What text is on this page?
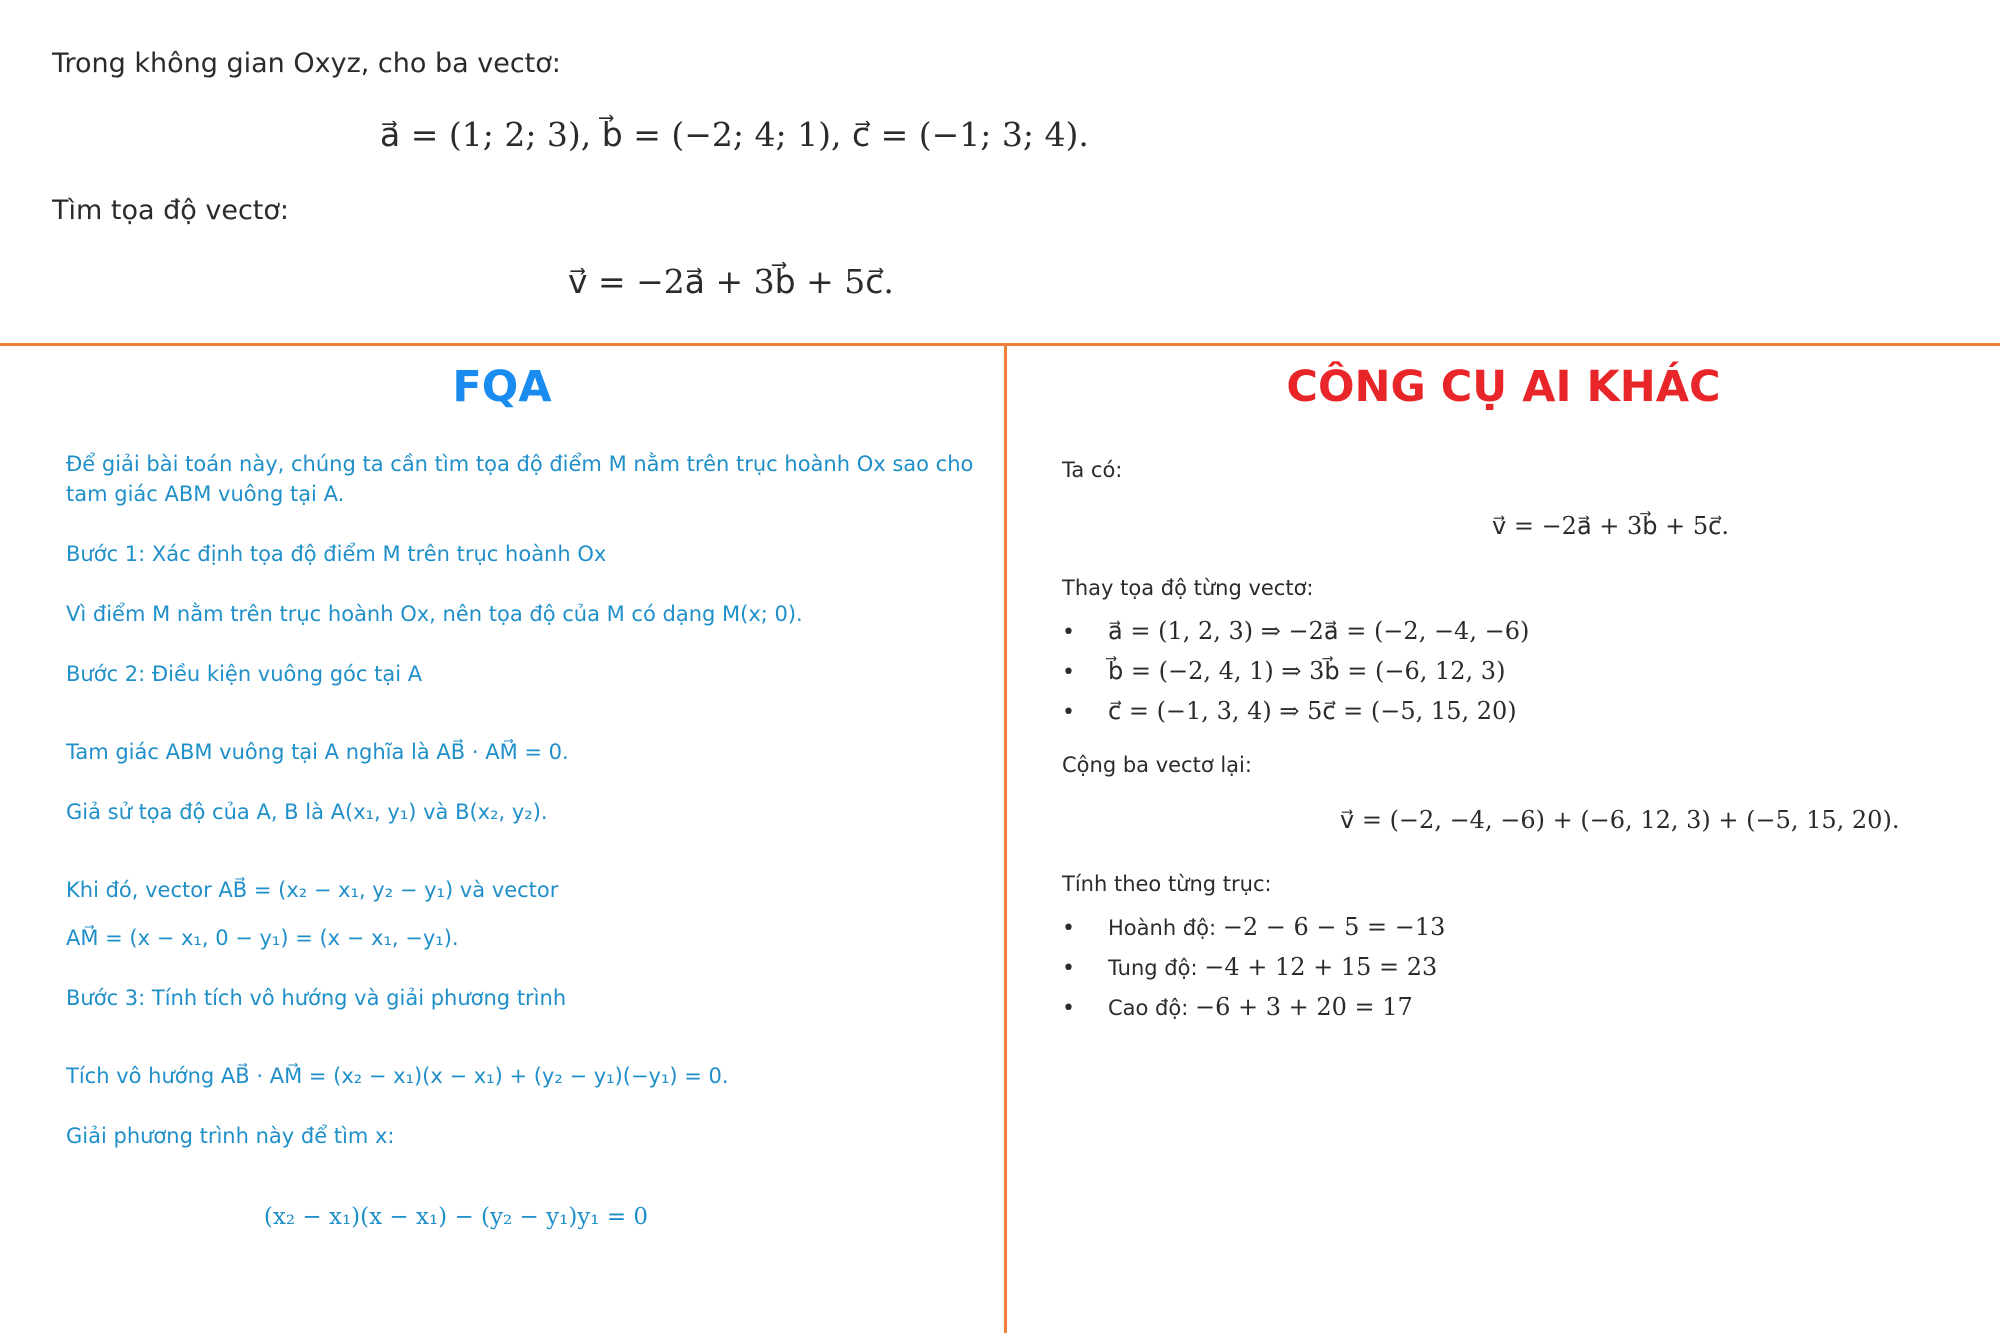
Trong không gian Oxyz, cho ba vectơ:
a⃗ = (1; 2; 3), b⃗ = (−2; 4; 1), c⃗ = (−1; 3; 4).
Tìm tọa độ vectơ:
v⃗ = −2a⃗ + 3b⃗ + 5c⃗.
FQA
Để giải bài toán này, chúng ta cần tìm tọa độ điểm M nằm trên trục hoành Ox sao cho
tam giác ABM vuông tại A.
Bước 1: Xác định tọa độ điểm M trên trục hoành Ox
Vì điểm M nằm trên trục hoành Ox, nên tọa độ của M có dạng M(x; 0).
Bước 2: Điều kiện vuông góc tại A
Tam giác ABM vuông tại A nghĩa là AB⃗ · AM⃗ = 0.
Giả sử tọa độ của A, B là A(x₁, y₁) và B(x₂, y₂).
Khi đó, vector AB⃗ = (x₂ − x₁, y₂ − y₁) và vector
AM⃗ = (x − x₁, 0 − y₁) = (x − x₁, −y₁).
Bước 3: Tính tích vô hướng và giải phương trình
Tích vô hướng AB⃗ · AM⃗ = (x₂ − x₁)(x − x₁) + (y₂ − y₁)(−y₁) = 0.
Giải phương trình này để tìm x:
(x₂ − x₁)(x − x₁) − (y₂ − y₁)y₁ = 0
CÔNG CỤ AI KHÁC
Ta có:
v⃗ = −2a⃗ + 3b⃗ + 5c⃗.
Thay tọa độ từng vectơ:
• a⃗ = (1, 2, 3) ⇒ −2a⃗ = (−2, −4, −6)
• b⃗ = (−2, 4, 1) ⇒ 3b⃗ = (−6, 12, 3)
• c⃗ = (−1, 3, 4) ⇒ 5c⃗ = (−5, 15, 20)
Cộng ba vectơ lại:
v⃗ = (−2, −4, −6) + (−6, 12, 3) + (−5, 15, 20).
Tính theo từng trục:
• Hoành độ: −2 − 6 − 5 = −13
• Tung độ: −4 + 12 + 15 = 23
• Cao độ: −6 + 3 + 20 = 17
